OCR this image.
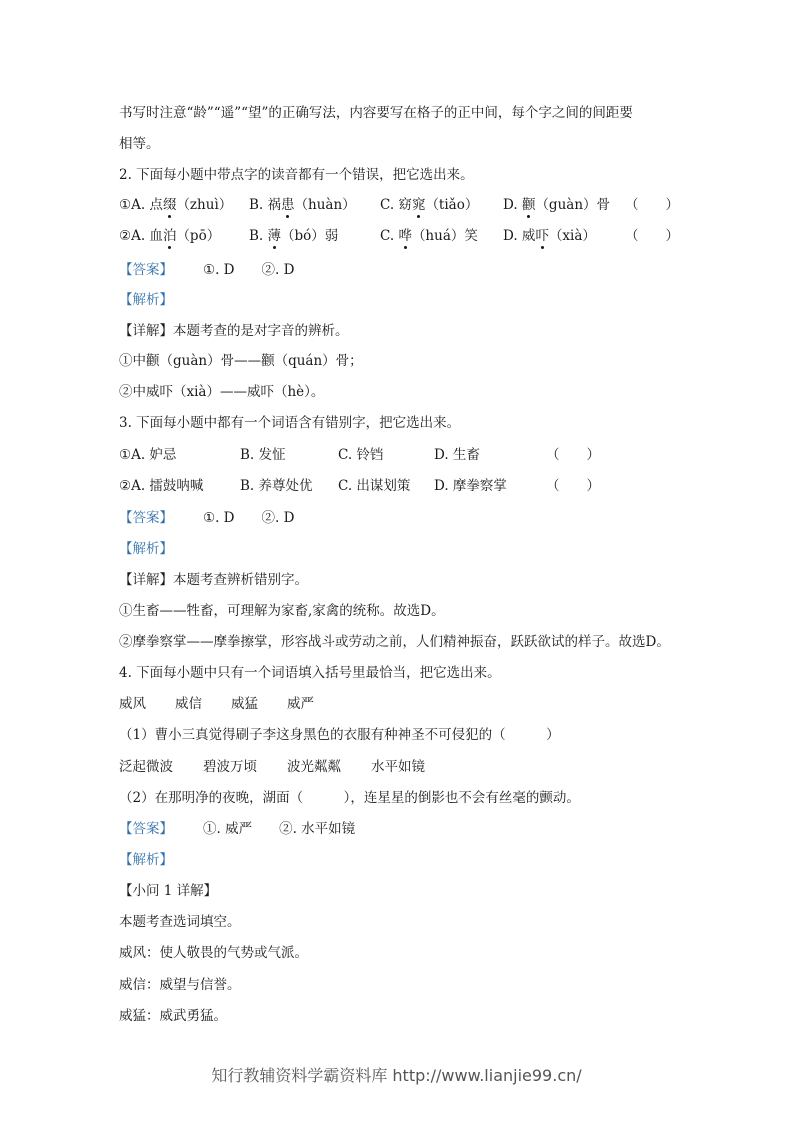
书写时注意“龄”“遥”“望”的正确写法，内容要写在格子的正中间，每个字之间的间距要
相等。
2. 下面每小题中带点字的读音都有一个错误，把它选出来。
①A. 点缀（zhuì） B. 祸患（huàn） C. 窈窕（tiǎo） D. 颧（guàn）骨 （　　）
②A. 血泊（pō） B. 薄（bó）弱	C. 哗（huá）笑 D. 威吓（xià） （　　）
【答案】 ①. D　　②. D
【解析】
【详解】本题考查的是对字音的辨析。
①中颧（guàn）骨——颧（quán）骨；
②中威吓（xià）——威吓（hè）。
3. 下面每小题中都有一个词语含有错别字，把它选出来。
①A. 妒忌	B. 发怔	C. 铃铛	D. 生畜	（　　）
②A. 擂鼓呐喊	B. 养尊处优 C. 出谋划策 D. 摩拳察掌	（　　）
【答案】 ①. D　　②. D
【解析】
【详解】本题考查辨析错别字。
①生畜——牲畜，可理解为家畜,家禽的统称。故选D。
②摩拳察掌——摩拳擦掌，形容战斗或劳动之前，人们精神振奋，跃跃欲试的样子。故选D。
4. 下面每小题中只有一个词语填入括号里最恰当，把它选出来。
威风 威信 威猛 威严
（1）曹小三真觉得刷子李这身黑色的衣服有种神圣不可侵犯的（　　　）
泛起微波 碧波万顷 波光粼粼 水平如镜
（2）在那明净的夜晚，湖面（　　　），连星星的倒影也不会有丝毫的颤动。
【答案】 ①. 威严　　②. 水平如镜
【解析】
【小问 1 详解】
本题考查选词填空。
威风：使人敬畏的气势或气派。
威信：威望与信誉。
威猛：威武勇猛。
知行教辅资料学霸资料库 http://www.lianjie99.cn/
